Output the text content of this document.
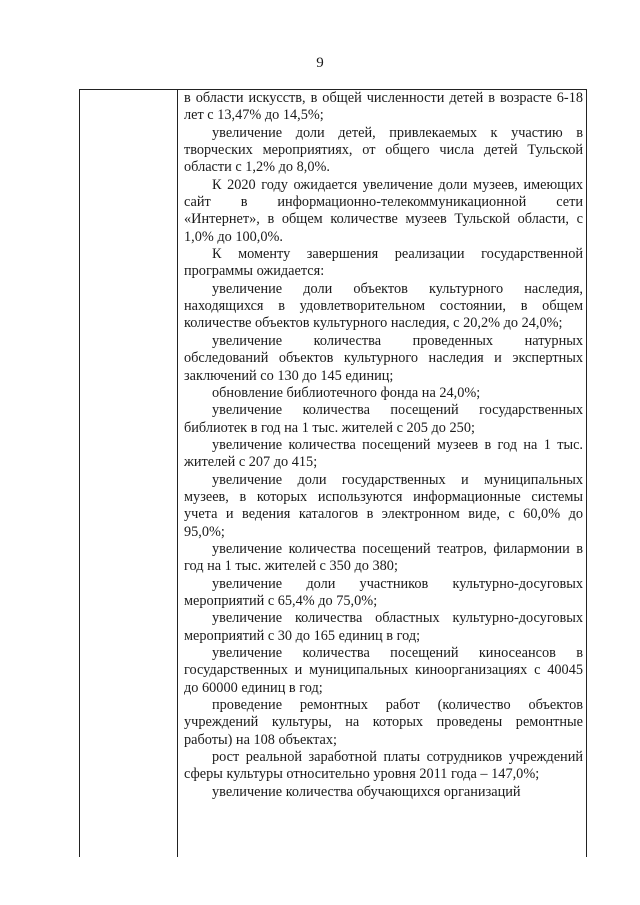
9

в области искусств, в общей численности детей в возрасте 6-18 лет с 13,47% до 14,5%;

увеличение доли детей, привлекаемых к участию в творческих мероприятиях, от общего числа детей Тульской области с 1,2% до 8,0%.

К 2020 году ожидается увеличение доли музеев, имеющих сайт в информационно-телекоммуникационной сети «Интернет», в общем количестве музеев Тульской области, с 1,0% до 100,0%.

К моменту завершения реализации государственной программы ожидается:

увеличение доли объектов культурного наследия, находящихся в удовлетворительном состоянии, в общем количестве объектов культурного наследия, с 20,2% до 24,0%;

увеличение количества проведенных натурных обследований объектов культурного наследия и экспертных заключений со 130 до 145 единиц;

обновление библиотечного фонда на 24,0%;

увеличение количества посещений государственных библиотек в год на 1 тыс. жителей с 205 до 250;

увеличение количества посещений музеев в год на 1 тыс. жителей с 207 до 415;

увеличение доли государственных и муниципальных музеев, в которых используются информационные системы учета и ведения каталогов в электронном виде, с 60,0% до 95,0%;

увеличение количества посещений театров, филармонии в год на 1 тыс. жителей с 350 до 380;

увеличение доли участников культурно-досуговых мероприятий с 65,4% до 75,0%;

увеличение количества областных культурно-досуговых мероприятий с 30 до 165 единиц в год;

увеличение количества посещений киносеансов в государственных и муниципальных киноорганизациях с 40045 до 60000 единиц в год;

проведение ремонтных работ (количество объектов учреждений культуры, на которых проведены ремонтные работы) на 108 объектах;

рост реальной заработной платы сотрудников учреждений сферы культуры относительно уровня 2011 года – 147,0%;

увеличение количества обучающихся организаций
